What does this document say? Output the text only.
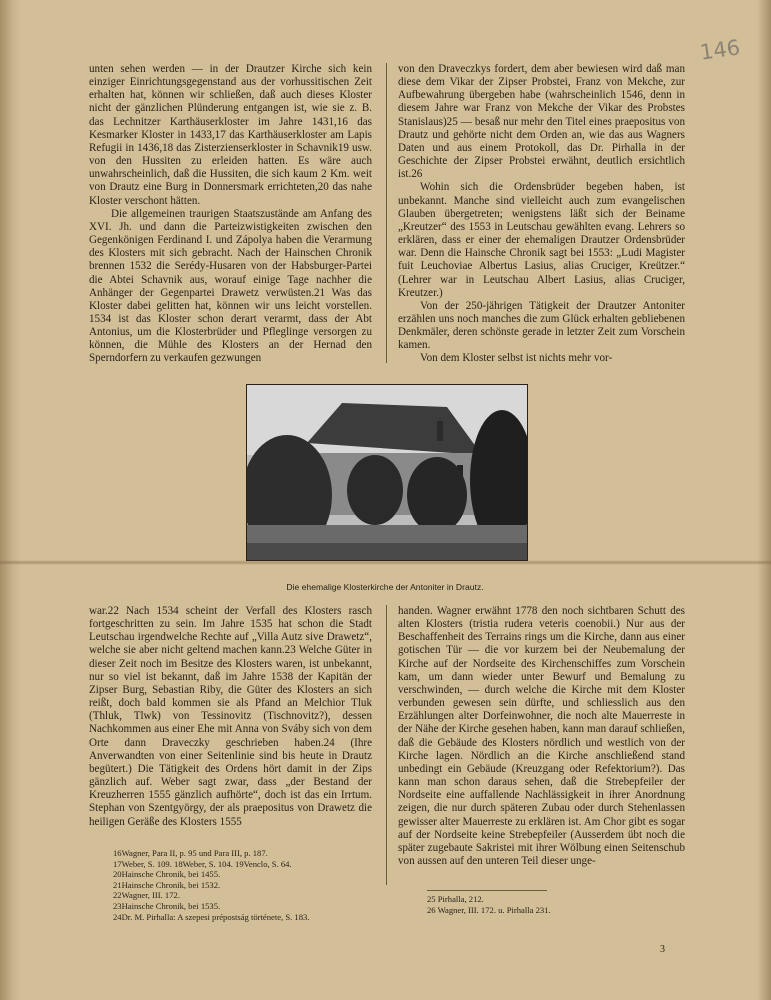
146

unten sehen werden — in der Drautzer Kirche sich kein einziger Einrichtungsgegenstand aus der vorhussitischen Zeit erhalten hat, können wir schließen, daß auch dieses Kloster nicht der gänzlichen Plünderung entgangen ist, wie sie z. B. das Lechnitzer Karthäuserkloster im Jahre 1431,16 das Kesmarker Kloster in 1433,17 das Karthäuserkloster am Lapis Refugii in 1436,18 das Zisterzienserkloster in Schavnik19 usw. von den Hussiten zu erleiden hatten. Es wäre auch unwahrscheinlich, daß die Hussiten, die sich kaum 2 Km. weit von Drautz eine Burg in Donnersmark errichteten,20 das nahe Kloster verschont hätten.

Die allgemeinen traurigen Staatszustände am Anfang des XVI. Jh. und dann die Parteizwistigkeiten zwischen den Gegenkönigen Ferdinand I. und Zápolya haben die Verarmung des Klosters mit sich gebracht. Nach der Hainschen Chronik brennen 1532 die Serédy-Husaren von der Habsburger-Partei die Abtei Schavnik aus, worauf einige Tage nachher die Anhänger der Gegenpartei Drawetz verwüsten.21 Was das Kloster dabei gelitten hat, können wir uns leicht vorstellen. 1534 ist das Kloster schon derart verarmt, dass der Abt Antonius, um die Klosterbrüder und Pfleglinge versorgen zu können, die Mühle des Klosters an der Hernad den Sperndorfern zu verkaufen gezwungen

von den Draveczkys fordert, dem aber bewiesen wird daß man diese dem Vikar der Zipser Probstei, Franz von Mekche, zur Aufbewahrung übergeben habe (wahrscheinlich 1546, denn in diesem Jahre war Franz von Mekche der Vikar des Probstes Stanislaus)25 — besaß nur mehr den Titel eines praepositus von Drautz und gehörte nicht dem Orden an, wie das aus Wagners Daten und aus einem Protokoll, das Dr. Pirhalla in der Geschichte der Zipser Probstei erwähnt, deutlich ersichtlich ist.26

Wohin sich die Ordensbrüder begeben haben, ist unbekannt. Manche sind vielleicht auch zum evangelischen Glauben übergetreten; wenigstens läßt sich der Beiname „Kreutzer“ des 1553 in Leutschau gewählten evang. Lehrers so erklären, dass er einer der ehemaligen Drautzer Ordensbrüder war. Denn die Hainsche Chronik sagt bei 1553: „Ludi Magister fuit Leuchoviae Albertus Lasius, alias Cruciger, Kreützer.“ (Lehrer war in Leutschau Albert Lasius, alias Cruciger, Kreutzer.)

Von der 250-jährigen Tätigkeit der Drautzer Antoniter erzählen uns noch manches die zum Glück erhalten gebliebenen Denkmäler, deren schönste gerade in letzter Zeit zum Vorschein kamen.

Von dem Kloster selbst ist nichts mehr vor-

Die ehemalige Klosterkirche der Antoniter in Drautz.

war.22 Nach 1534 scheint der Verfall des Klosters rasch fortgeschritten zu sein. Im Jahre 1535 hat schon die Stadt Leutschau irgendwelche Rechte auf „Villa Autz sive Drawetz“, welche sie aber nicht geltend machen kann.23 Welche Güter in dieser Zeit noch im Besitze des Klosters waren, ist unbekannt, nur so viel ist bekannt, daß im Jahre 1538 der Kapitän der Zipser Burg, Sebastian Riby, die Güter des Klosters an sich reißt, doch bald kommen sie als Pfand an Melchior Tluk (Thluk, Tlwk) von Tessinovitz (Tischnovitz?), dessen Nachkommen aus einer Ehe mit Anna von Sváby sich von dem Orte dann Draveczky geschrieben haben.24 (Ihre Anverwandten von einer Seitenlinie sind bis heute in Drautz begütert.) Die Tätigkeit des Ordens hört damit in der Zips gänzlich auf. Weber sagt zwar, dass „der Bestand der Kreuzherren 1555 gänzlich aufhörte“, doch ist das ein Irrtum. Stephan von Szentgyörgy, der als praepositus von Drawetz die heiligen Geräße des Klosters 1555

handen. Wagner erwähnt 1778 den noch sichtbaren Schutt des alten Klosters (tristia rudera veteris coenobii.) Nur aus der Beschaffenheit des Terrains rings um die Kirche, dann aus einer gotischen Tür — die vor kurzem bei der Neubemalung der Kirche auf der Nordseite des Kirchenschiffes zum Vorschein kam, um dann wieder unter Bewurf und Bemalung zu verschwinden, — durch welche die Kirche mit dem Kloster verbunden gewesen sein dürfte, und schliesslich aus den Erzählungen alter Dorfeinwohner, die noch alte Mauerreste in der Nähe der Kirche gesehen haben, kann man darauf schließen, daß die Gebäude des Klosters nördlich und westlich von der Kirche lagen. Nördlich an die Kirche anschließend stand unbedingt ein Gebäude (Kreuzgang oder Refektorium?). Das kann man schon daraus sehen, daß die Strebepfeiler der Nordseite eine auffallende Nachlässigkeit in ihrer Anordnung zeigen, die nur durch späteren Zubau oder durch Stehenlassen gewisser alter Mauerreste zu erklären ist. Am Chor gibt es sogar auf der Nordseite keine Strebepfeiler (Ausserdem übt noch die später zugebaute Sakristei mit ihrer Wölbung einen Seitenschub von aussen auf den unteren Teil dieser unge-

16Wagner, Para II, p. 95 und Para III, p. 187.
17Weber, S. 109. 18Weber, S. 104. 19Venclo, S. 64.
20Hainsche Chronik, bei 1455.
21Hainsche Chronik, bei 1532.
22Wagner, III. 172.
23Hainsche Chronik, bei 1535.
24Dr. M. Pirhalla: A szepesi prépostság története, S. 183.
25 Pirhalla, 212.
26 Wagner, III. 172. u. Pirhalla 231.
3
